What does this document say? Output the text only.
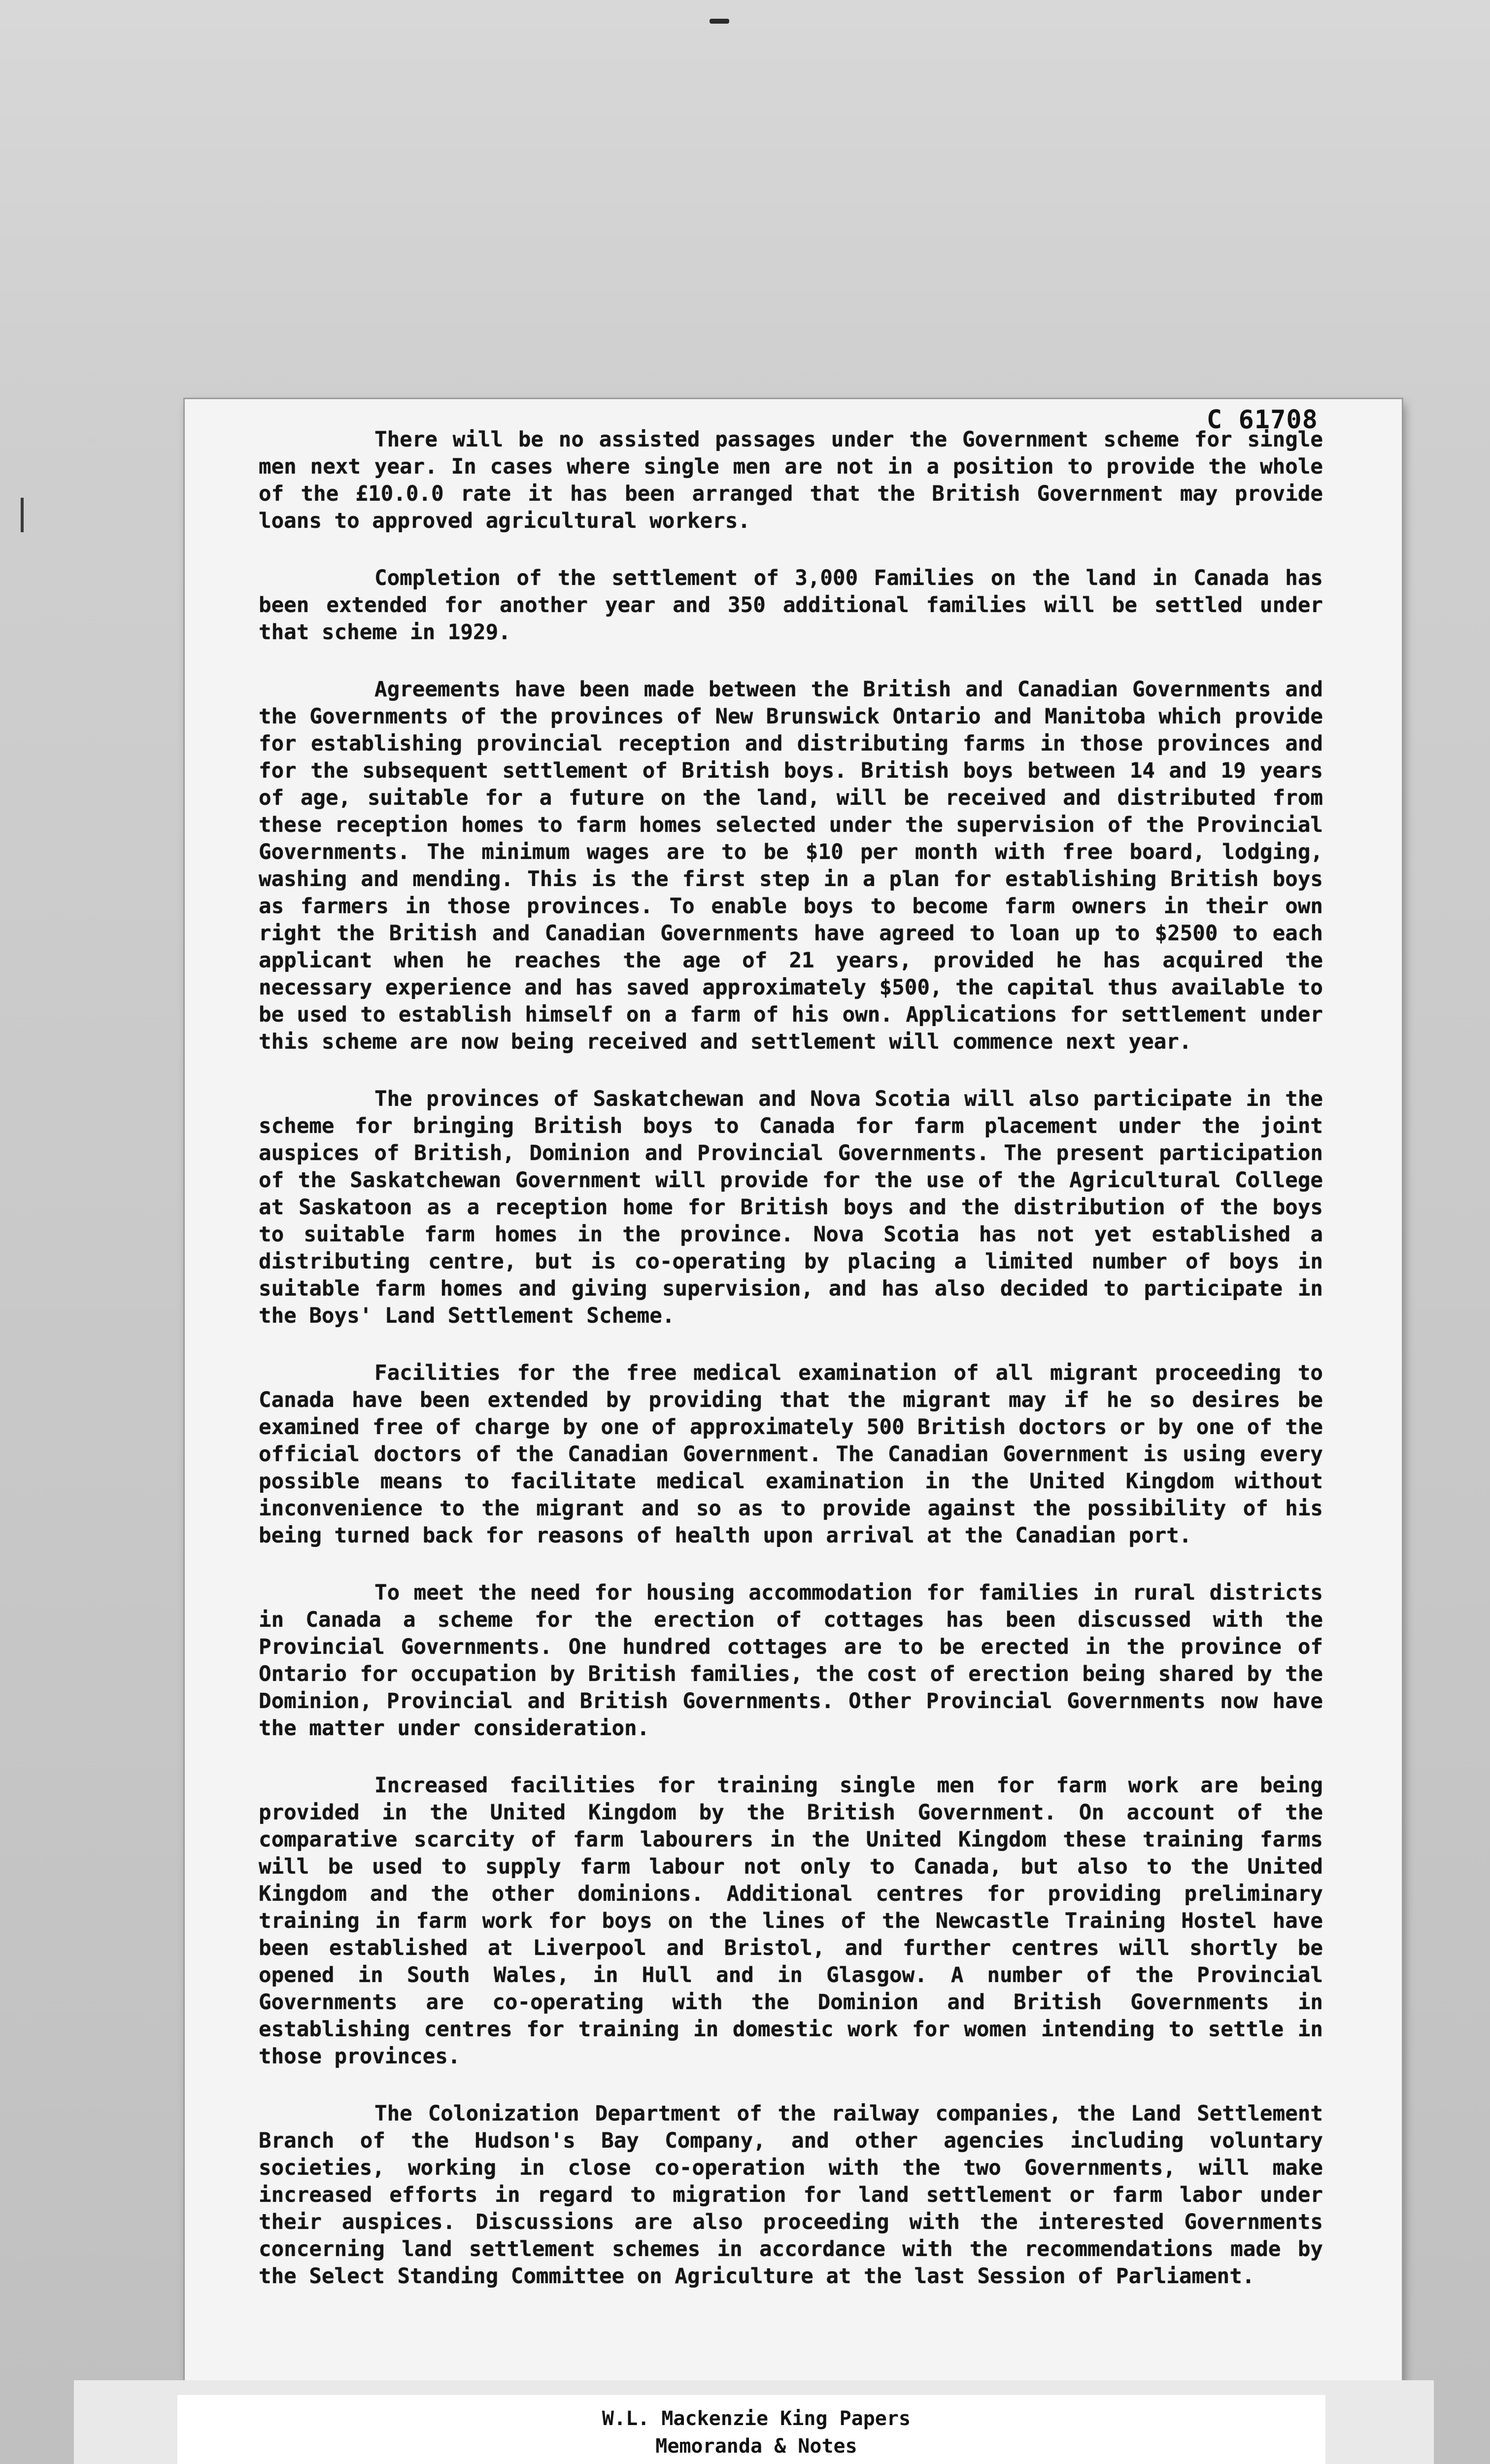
C 61708

There will be no assisted passages under the Government scheme for single men next year. In cases where single men are not in a position to provide the whole of the £10.0.0 rate it has been arranged that the British Government may provide loans to approved agricultural workers.

Completion of the settlement of 3,000 Families on the land in Canada has been extended for another year and 350 additional families will be settled under that scheme in 1929.

Agreements have been made between the British and Canadian Governments and the Governments of the provinces of New Brunswick Ontario and Manitoba which provide for establishing provincial reception and distributing farms in those provinces and for the subsequent settlement of British boys. British boys between 14 and 19 years of age, suitable for a future on the land, will be received and distributed from these reception homes to farm homes selected under the supervision of the Provincial Governments. The minimum wages are to be $10 per month with free board, lodging, washing and mending. This is the first step in a plan for establishing British boys as farmers in those provinces. To enable boys to become farm owners in their own right the British and Canadian Governments have agreed to loan up to $2500 to each applicant when he reaches the age of 21 years, provided he has acquired the necessary experience and has saved approximately $500, the capital thus available to be used to establish himself on a farm of his own. Applications for settlement under this scheme are now being received and settlement will commence next year.

The provinces of Saskatchewan and Nova Scotia will also participate in the scheme for bringing British boys to Canada for farm placement under the joint auspices of British, Dominion and Provincial Governments. The present participation of the Saskatchewan Government will provide for the use of the Agricultural College at Saskatoon as a reception home for British boys and the distribution of the boys to suitable farm homes in the province. Nova Scotia has not yet established a distributing centre, but is co-operating by placing a limited number of boys in suitable farm homes and giving supervision, and has also decided to participate in the Boys' Land Settlement Scheme.

Facilities for the free medical examination of all migrant proceeding to Canada have been extended by providing that the migrant may if he so desires be examined free of charge by one of approximately 500 British doctors or by one of the official doctors of the Canadian Government. The Canadian Government is using every possible means to facilitate medical examination in the United Kingdom without inconvenience to the migrant and so as to provide against the possibility of his being turned back for reasons of health upon arrival at the Canadian port.

To meet the need for housing accommodation for families in rural districts in Canada a scheme for the erection of cottages has been discussed with the Provincial Governments. One hundred cottages are to be erected in the province of Ontario for occupation by British families, the cost of erection being shared by the Dominion, Provincial and British Governments. Other Provincial Governments now have the matter under consideration.

Increased facilities for training single men for farm work are being provided in the United Kingdom by the British Government. On account of the comparative scarcity of farm labourers in the United Kingdom these training farms will be used to supply farm labour not only to Canada, but also to the United Kingdom and the other dominions. Additional centres for providing preliminary training in farm work for boys on the lines of the Newcastle Training Hostel have been established at Liverpool and Bristol, and further centres will shortly be opened in South Wales, in Hull and in Glasgow. A number of the Provincial Governments are co-operating with the Dominion and British Governments in establishing centres for training in domestic work for women intending to settle in those provinces.

The Colonization Department of the railway companies, the Land Settlement Branch of the Hudson's Bay Company, and other agencies including voluntary societies, working in close co-operation with the two Governments, will make increased efforts in regard to migration for land settlement or farm labor under their auspices. Discussions are also proceeding with the interested Governments concerning land settlement schemes in accordance with the recommendations made by the Select Standing Committee on Agriculture at the last Session of Parliament.

W.L. Mackenzie King Papers
Memoranda & Notes
